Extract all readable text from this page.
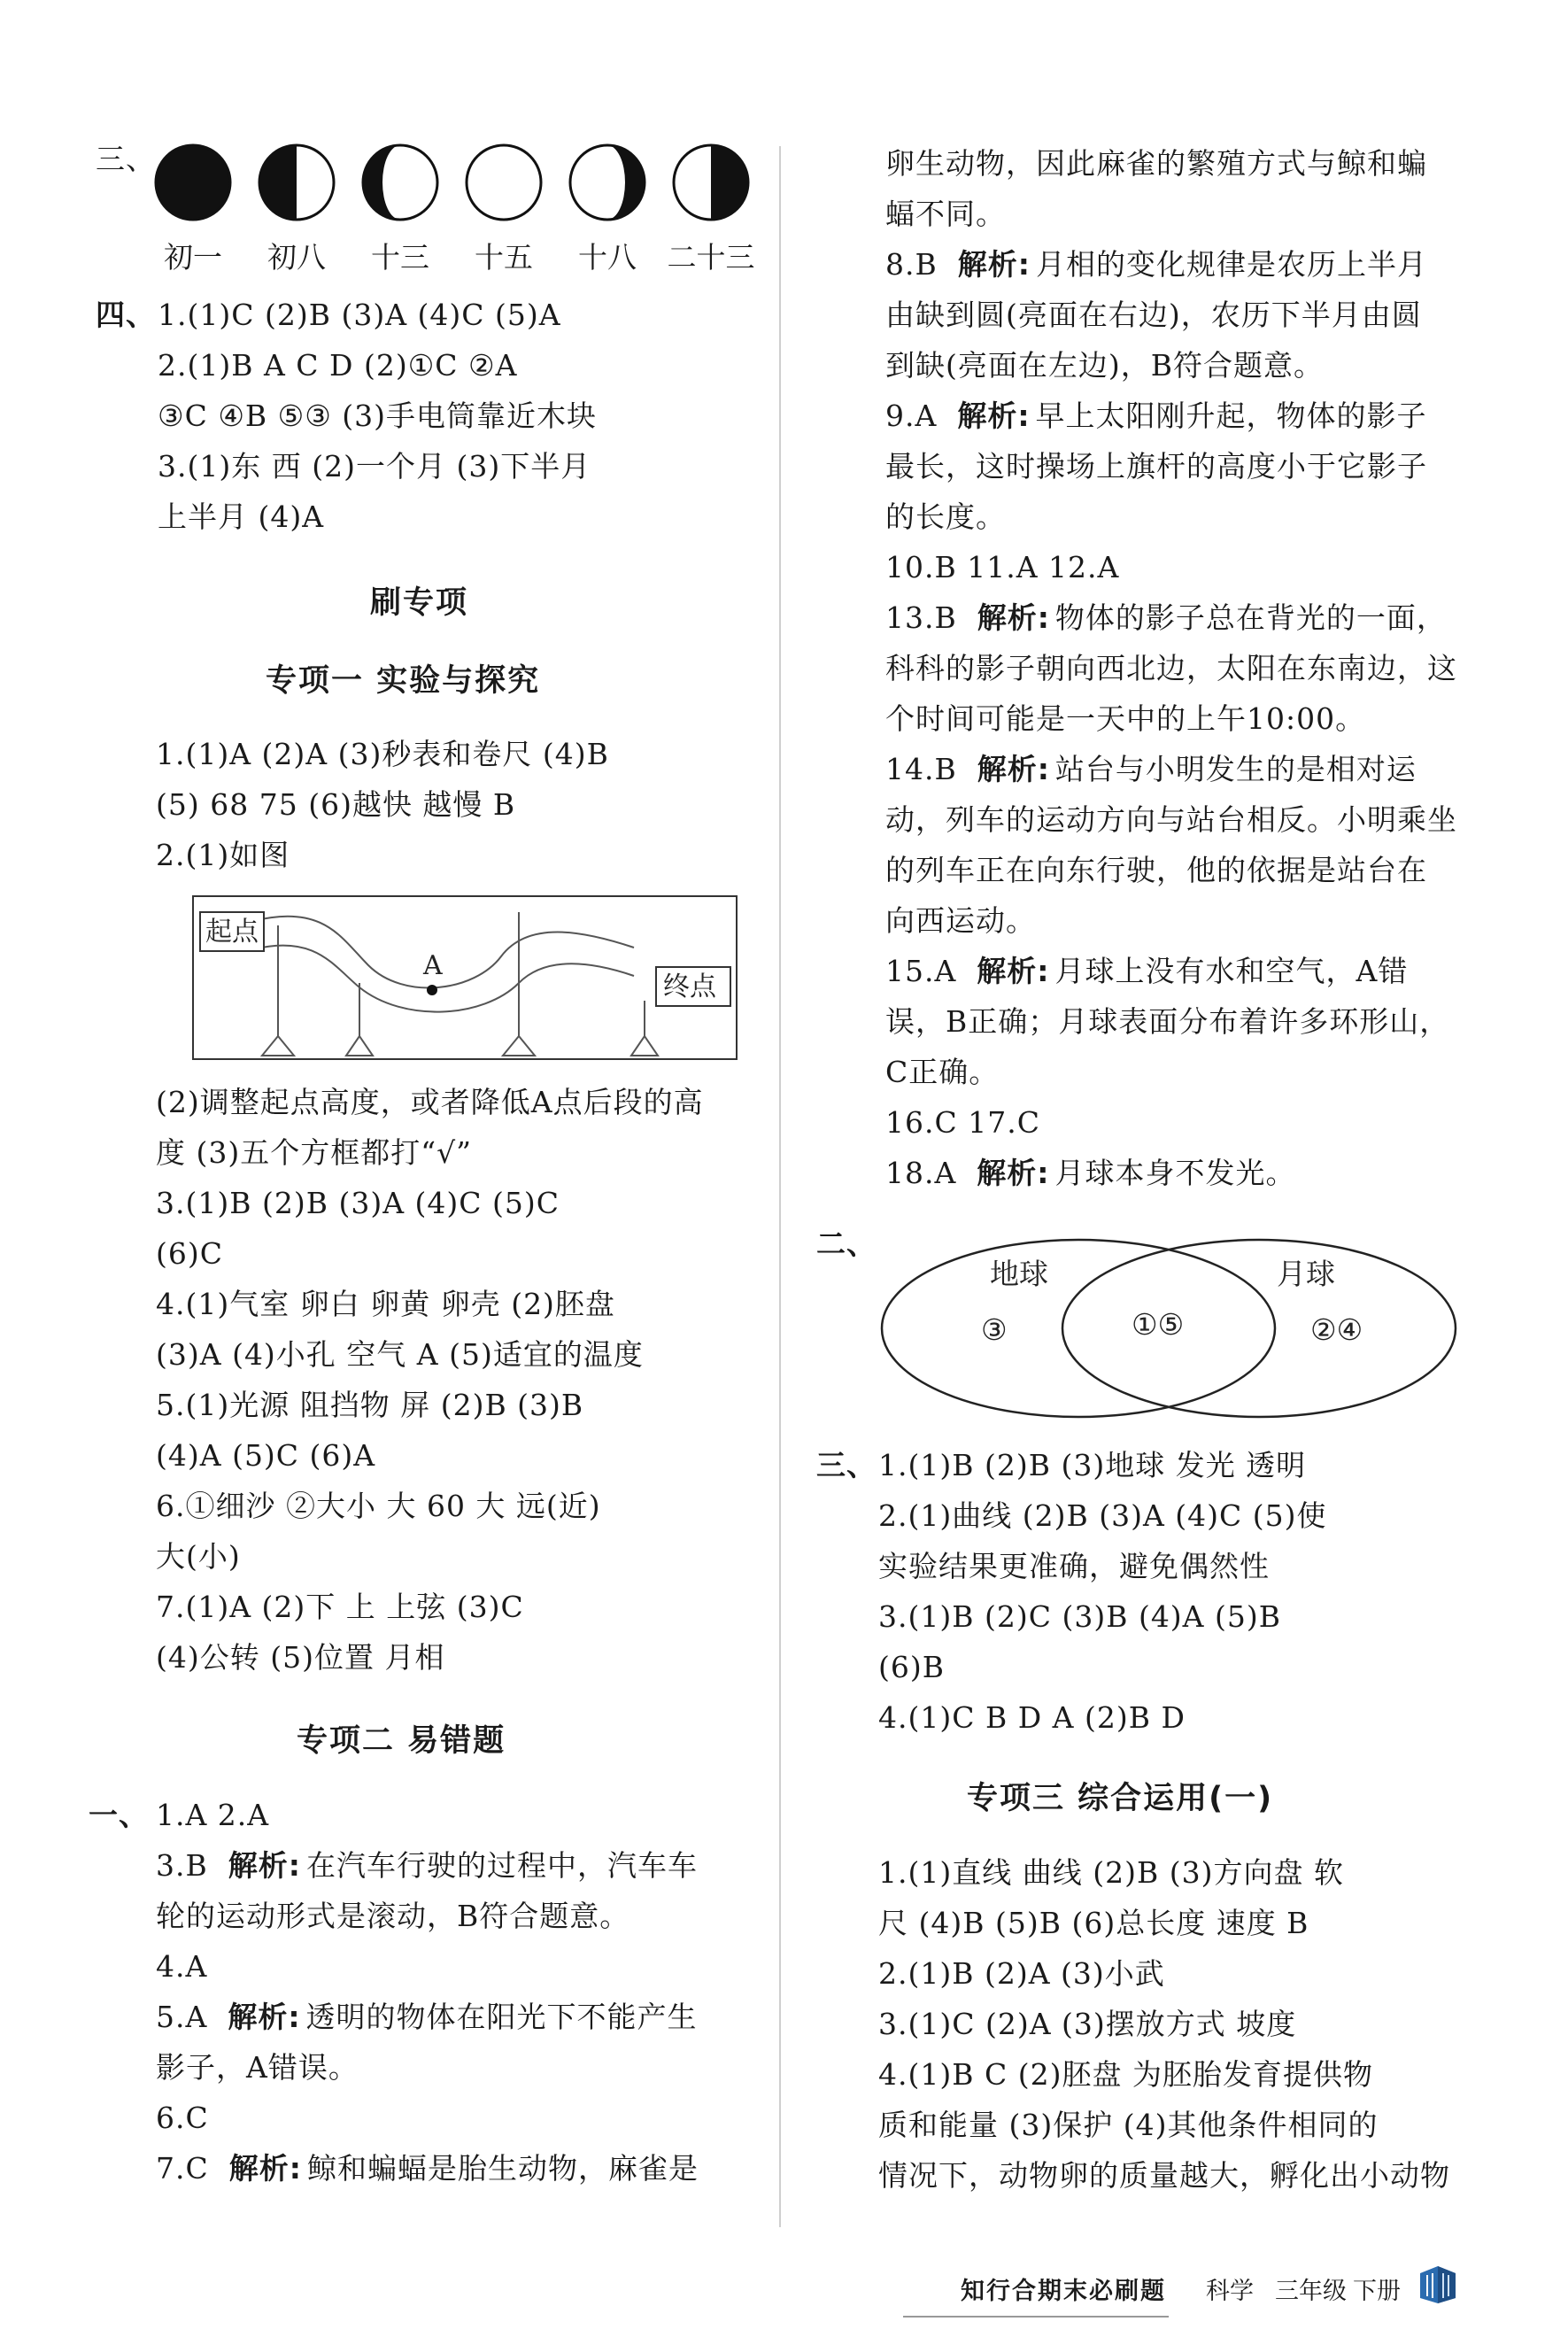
三、
初一	初八	十三	十五	十八	二十三
四、 1.(1)C (2)B (3)A (4)C (5)A
2.(1)B A C D (2)①C ②A
③C ④B ⑤③ (3)手电筒靠近木块
3.(1)东 西 (2)一个月 (3)下半月
上半月 (4)A
刷专项
专项一 实验与探究
1.(1)A (2)A (3)秒表和卷尺 (4)B
(5) 68 75 (6)越快 越慢 B
2.(1)如图
起点
A
终点
(2)调整起点高度，或者降低A点后段的高
度 (3)五个方框都打“√”
3.(1)B (2)B (3)A (4)C (5)C
(6)C
4.(1)气室 卵白 卵黄 卵壳 (2)胚盘
(3)A (4)小孔 空气 A (5)适宜的温度
5.(1)光源 阻挡物 屏 (2)B (3)B
(4)A (5)C (6)A
6.①细沙 ②大小 大 60 大 远(近)
大(小)
7.(1)A (2)下 上 上弦 (3)C
(4)公转 (5)位置 月相
专项二 易错题
一、 1.A 2.A
3.B 解析: 在汽车行驶的过程中，汽车车
轮的运动形式是滚动，B符合题意。
4.A
5.A 解析: 透明的物体在阳光下不能产生
影子，A错误。
6.C
7.C 解析: 鲸和蝙蝠是胎生动物，麻雀是
卵生动物，因此麻雀的繁殖方式与鲸和蝙
蝠不同。
8.B 解析: 月相的变化规律是农历上半月
由缺到圆(亮面在右边)，农历下半月由圆
到缺(亮面在左边)，B符合题意。
9.A 解析: 早上太阳刚升起，物体的影子
最长，这时操场上旗杆的高度小于它影子
的长度。
10.B 11.A 12.A
13.B 解析: 物体的影子总在背光的一面，
科科的影子朝向西北边，太阳在东南边，这
个时间可能是一天中的上午10:00。
14.B 解析: 站台与小明发生的是相对运
动，列车的运动方向与站台相反。小明乘坐
的列车正在向东行驶，他的依据是站台在
向西运动。
15.A 解析: 月球上没有水和空气，A错
误，B正确；月球表面分布着许多环形山，
C正确。
16.C 17.C
18.A 解析: 月球本身不发光。
二、
地球	月球
③	①⑤	②④
三、 1.(1)B (2)B (3)地球 发光 透明
2.(1)曲线 (2)B (3)A (4)C (5)使
实验结果更准确，避免偶然性
3.(1)B (2)C (3)B (4)A (5)B
(6)B
4.(1)C B D A (2)B D
专项三 综合运用(一)
1.(1)直线 曲线 (2)B (3)方向盘 软
尺 (4)B (5)B (6)总长度 速度 B
2.(1)B (2)A (3)小武
3.(1)C (2)A (3)摆放方式 坡度
4.(1)B C (2)胚盘 为胚胎发育提供物
质和能量 (3)保护 (4)其他条件相同的
情况下，动物卵的质量越大，孵化出小动物
知行合期末必刷题 科学 三年级 下册
